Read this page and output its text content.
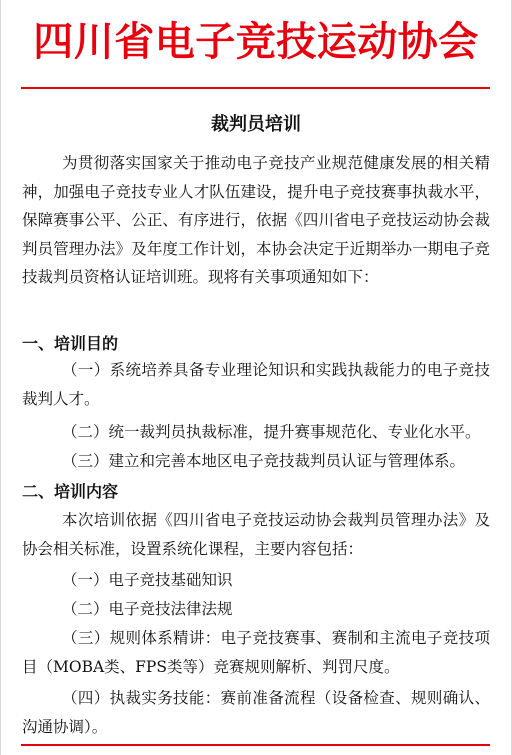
四川省电子竞技运动协会
裁判员培训

为贯彻落实国家关于推动电子竞技产业规范健康发展的相关精神，加强电子竞技专业人才队伍建设，提升电子竞技赛事执裁水平，保障赛事公平、公正、有序进行，依据《四川省电子竞技运动协会裁判员管理办法》及年度工作计划，本协会决定于近期举办一期电子竞技裁判员资格认证培训班。现将有关事项通知如下：

一、培训目的

（一）系统培养具备专业理论知识和实践执裁能力的电子竞技裁判人才。

（二）统一裁判员执裁标准，提升赛事规范化、专业化水平。

（三）建立和完善本地区电子竞技裁判员认证与管理体系。

二、培训内容

本次培训依据《四川省电子竞技运动协会裁判员管理办法》及协会相关标准，设置系统化课程，主要内容包括：

（一）电子竞技基础知识

（二）电子竞技法律法规

（三）规则体系精讲：电子竞技赛事、赛制和主流电子竞技项目（MOBA类、FPS类等）竞赛规则解析、判罚尺度。

（四）执裁实务技能：赛前准备流程（设备检查、规则确认、沟通协调）。
